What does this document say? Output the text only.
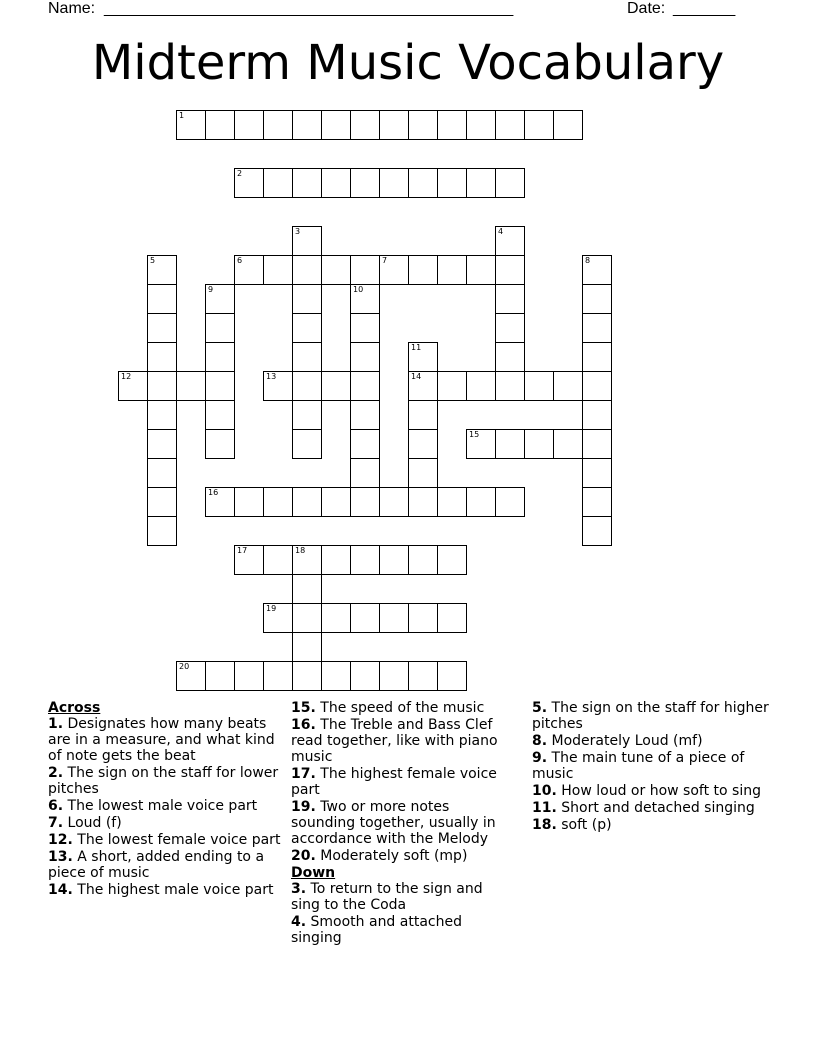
Name: ______________________________________________	Date: _______
Midterm Music Vocabulary
1
2
3	4
5	6	7	8
9	10
11
12	13	14
15
16
17	18
19
20

Across

1. Designates how many beats are in a measure, and what kind of note gets the beat
2. The sign on the staff for lower pitches
6. The lowest male voice part
7. Loud (f)
12. The lowest female voice part
13. A short, added ending to a piece of music
14. The highest male voice part
15. The speed of the music
16. The Treble and Bass Clef read together, like with piano music
17. The highest female voice part
19. Two or more notes sounding together, usually in accordance with the Melody
20. Moderately soft (mp)

Down

3. To return to the sign and sing to the Coda
4. Smooth and attached singing
5. The sign on the staff for higher pitches
8. Moderately Loud (mf)
9. The main tune of a piece of music
10. How loud or how soft to sing
11. Short and detached singing
18. soft (p)
